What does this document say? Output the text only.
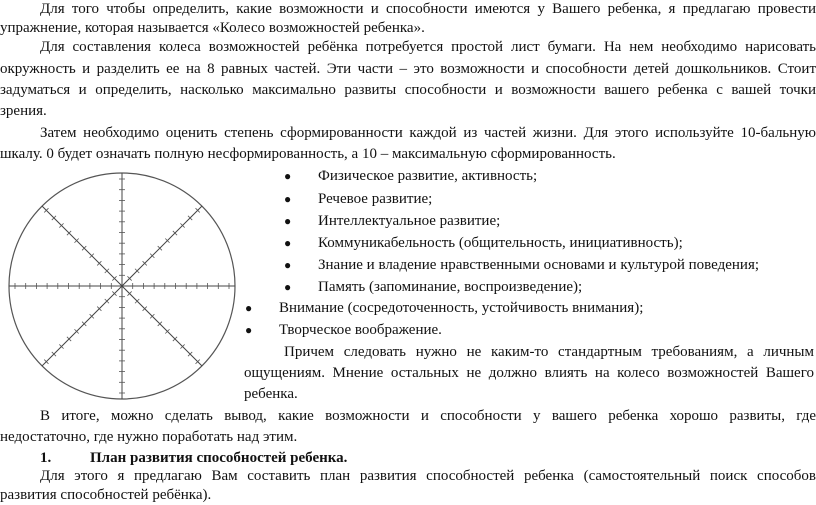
Для того чтобы определить, какие возможности и способности имеются у Вашего ребенка, я предлагаю провести
упражнение, которая называется «Колесо возможностей ребенка».
Для составления колеса возможностей ребёнка потребуется простой лист бумаги. На нем необходимо нарисовать
окружность и разделить ее на 8 равных частей. Эти части – это возможности и способности детей дошкольников. Стоит
задуматься и определить, насколько максимально развиты способности и возможности вашего ребенка с вашей точки
зрения.
Затем необходимо оценить степень сформированности каждой из частей жизни. Для этого используйте 10-бальную
шкалу. 0 будет означать полную несформированность, а 10 – максимальную сформированность.
● Физическое развитие, активность;
● Речевое развитие;
● Интеллектуальное развитие;
● Коммуникабельность (общительность, инициативность);
● Знание и владение нравственными основами и культурой поведения;
● Память (запоминание, воспроизведение);
● Внимание (сосредоточенность, устойчивость внимания);
● Творческое воображение.
Причем следовать нужно не каким-то стандартным требованиям, а личным
ощущениям. Мнение остальных не должно влиять на колесо возможностей Вашего
ребенка.
В итоге, можно сделать вывод, какие возможности и способности у вашего ребенка хорошо развиты, где
недостаточно, где нужно поработать над этим.
1.	План развития способностей ребенка.
Для этого я предлагаю Вам составить план развития способностей ребенка (самостоятельный поиск способов
развития способностей ребёнка).
